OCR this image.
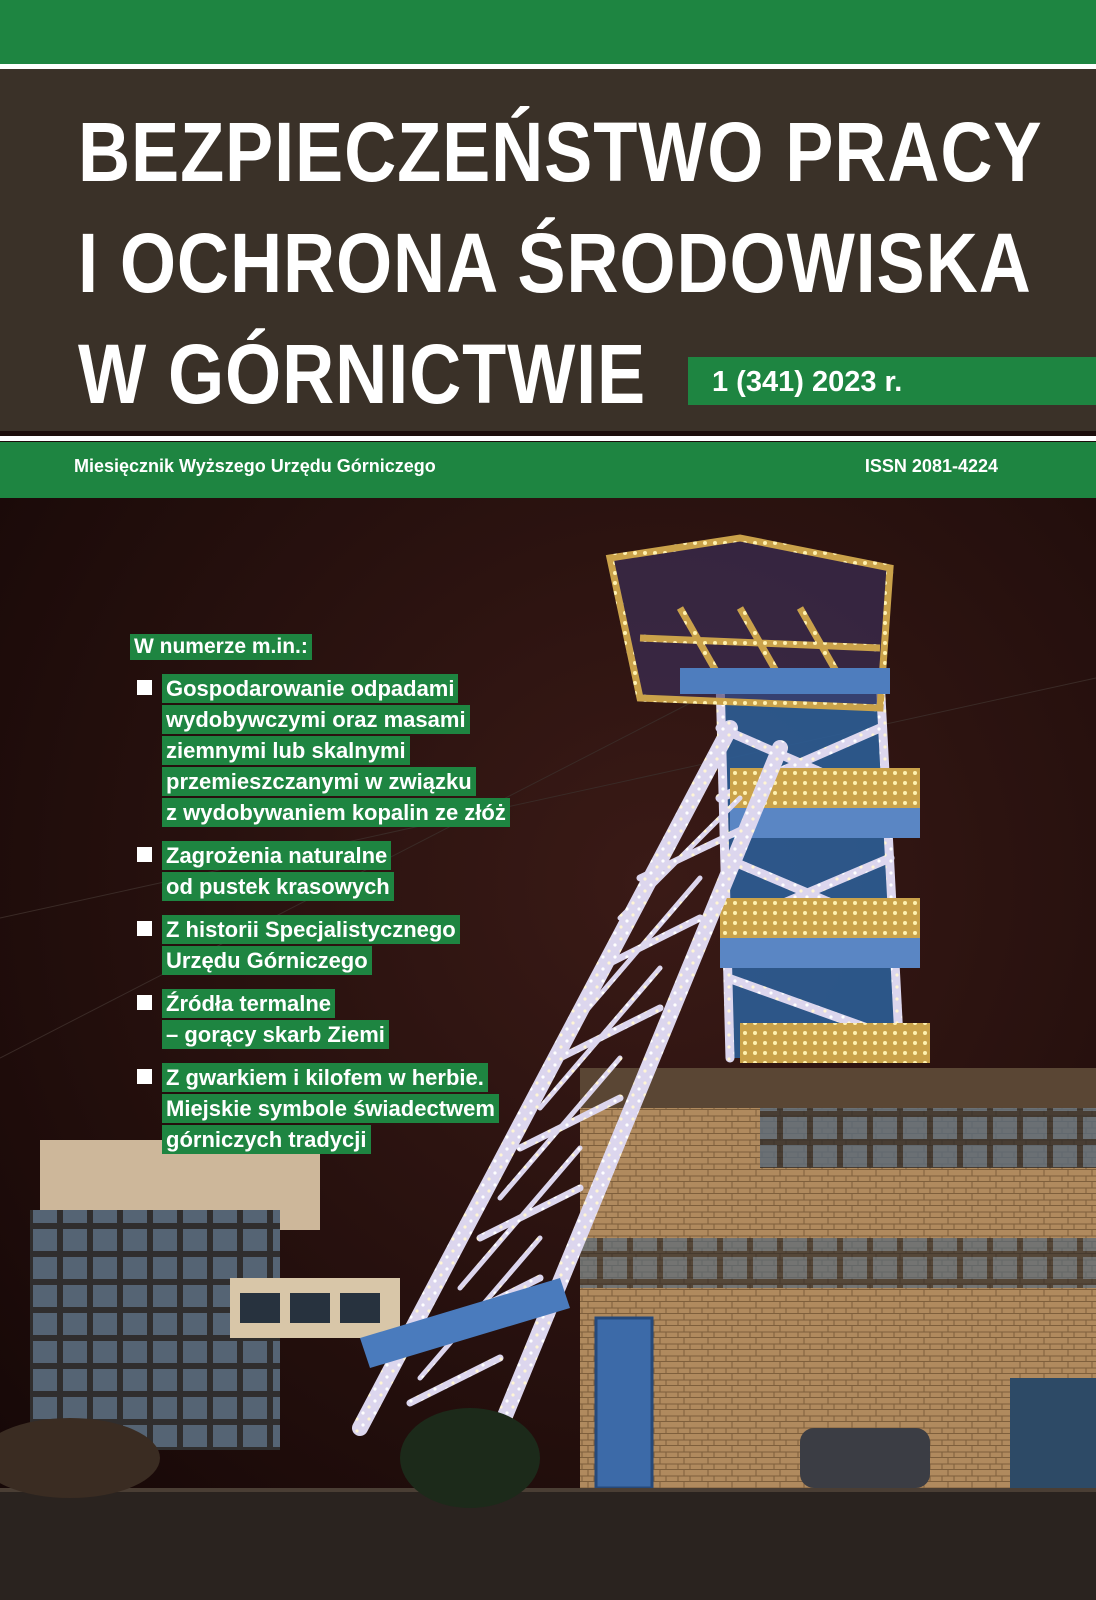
BEZPIECZEŃSTWO PRACY
I OCHRONA ŚRODOWISKA
W GÓRNICTWIE 1 (341) 2023 r.
Miesięcznik Wyższego Urzędu Górniczego	ISSN 2081-4224
W numerze m.in.:
Gospodarowanie odpadami
wydobywczymi oraz masami
ziemnymi lub skalnymi
przemieszczanymi w związku
z wydobywaniem kopalin ze złóż
Zagrożenia naturalne
od pustek krasowych
Z historii Specjalistycznego
Urzędu Górniczego
Źródła termalne
– gorący skarb Ziemi
Z gwarkiem i kilofem w herbie.
Miejskie symbole świadectwem
górniczych tradycji
